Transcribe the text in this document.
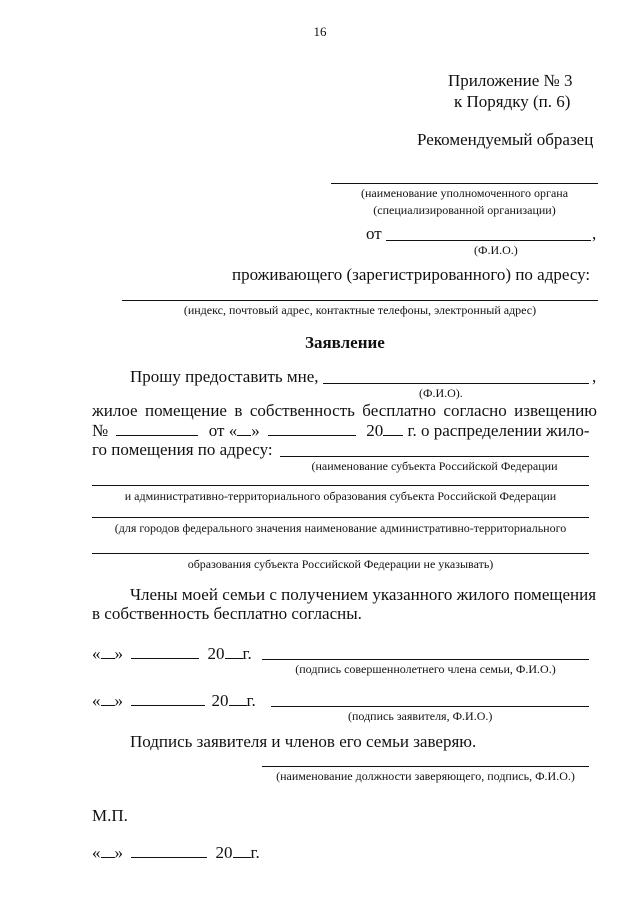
16
Приложение № 3
к Порядку (п. 6)
Рекомендуемый образец
(наименование уполномоченного органа
(специализированной организации)
от	,
(Ф.И.О.)
проживающего (зарегистрированного) по адресу:
(индекс, почтовый адрес, контактные телефоны, электронный адрес)
Заявление
Прошу предоставить мне,	,
(Ф.И.О).
жилое помещение в собственность бесплатно согласно извещению
№	от « »	20 г. о распределении жило-
го помещения по адресу:
(наименование субъекта Российской Федерации
и административно-территориального образования субъекта Российской Федерации
(для городов федерального значения наименование административно-территориального
образования субъекта Российской Федерации не указывать)
Члены моей семьи с получением указанного жилого помещения
в собственность бесплатно согласны.
« »	20 г.
(подпись совершеннолетнего члена семьи, Ф.И.О.)
« »	20 г.
(подпись заявителя, Ф.И.О.)
Подпись заявителя и членов его семьи заверяю.
(наименование должности заверяющего, подпись, Ф.И.О.)
М.П.
« »	20 г.
